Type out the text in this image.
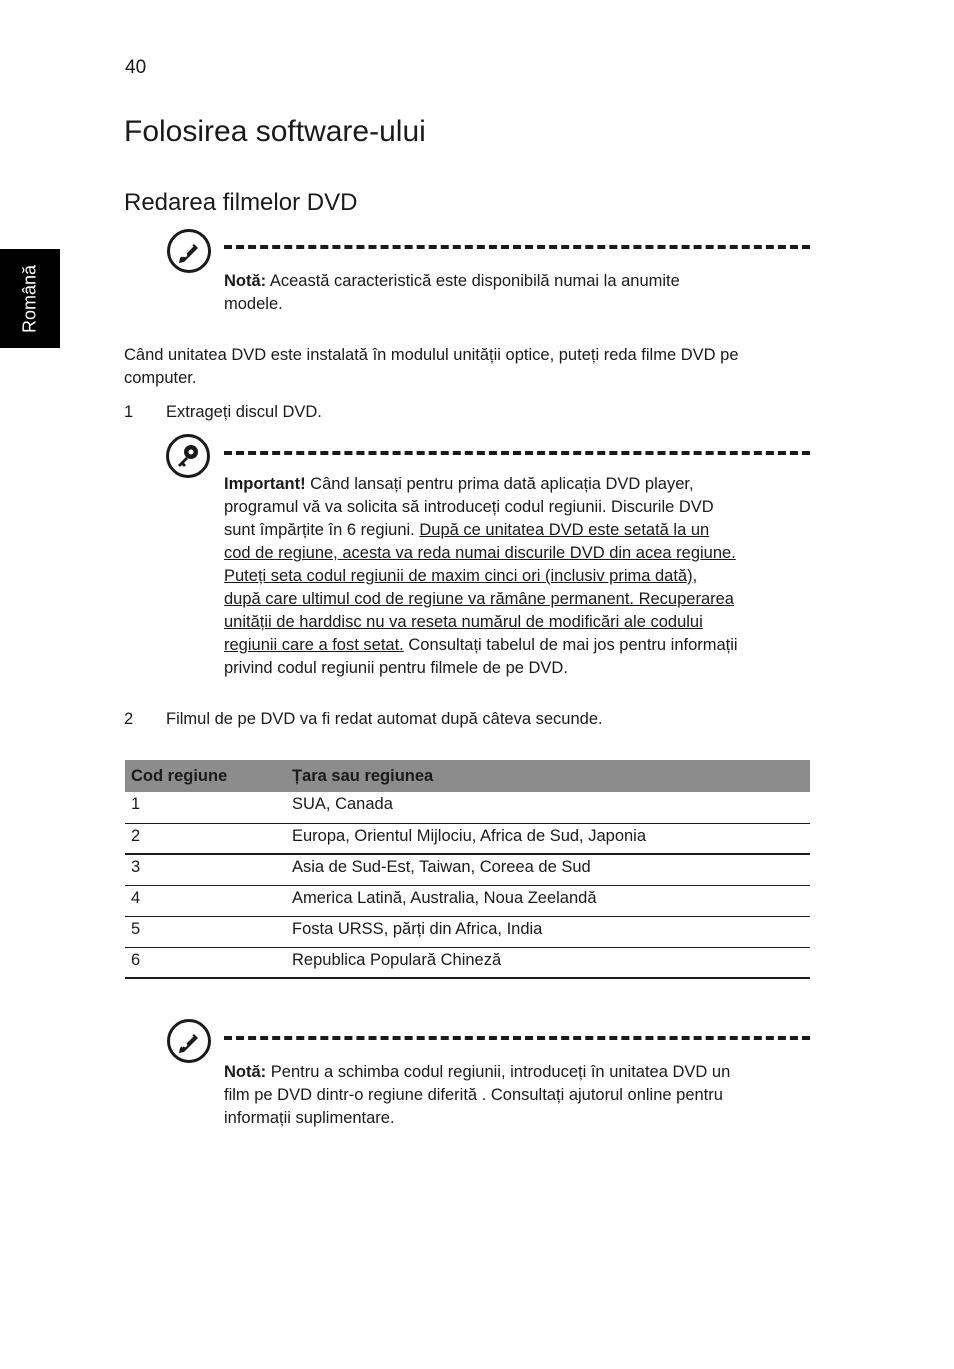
40
Folosirea software-ului
Redarea filmelor DVD
Română	Notă: Această caracteristică este disponibilă numai la anumite
modele.
Când unitatea DVD este instalată în modulul unității optice, puteți reda filme DVD pe
computer.
1 Extrageți discul DVD.
Important! Când lansați pentru prima dată aplicația DVD player,
programul vă va solicita să introduceți codul regiunii. Discurile DVD
sunt împărțite în 6 regiuni. După ce unitatea DVD este setată la un
cod de regiune, acesta va reda numai discurile DVD din acea regiune.
Puteți seta codul regiunii de maxim cinci ori (inclusiv prima dată),
după care ultimul cod de regiune va rămâne permanent. Recuperarea
unității de harddisc nu va reseta numărul de modificări ale codului
regiunii care a fost setat. Consultați tabelul de mai jos pentru informații
privind codul regiunii pentru filmele de pe DVD.
2 Filmul de pe DVD va fi redat automat după câteva secunde.
Cod regiune	Țara sau regiunea
1	SUA, Canada
2	Europa, Orientul Mijlociu, Africa de Sud, Japonia
3	Asia de Sud-Est, Taiwan, Coreea de Sud
4	America Latină, Australia, Noua Zeelandă
5	Fosta URSS, părți din Africa, India
6	Republica Populară Chineză
Notă: Pentru a schimba codul regiunii, introduceți în unitatea DVD un
film pe DVD dintr-o regiune diferită . Consultați ajutorul online pentru
informații suplimentare.
